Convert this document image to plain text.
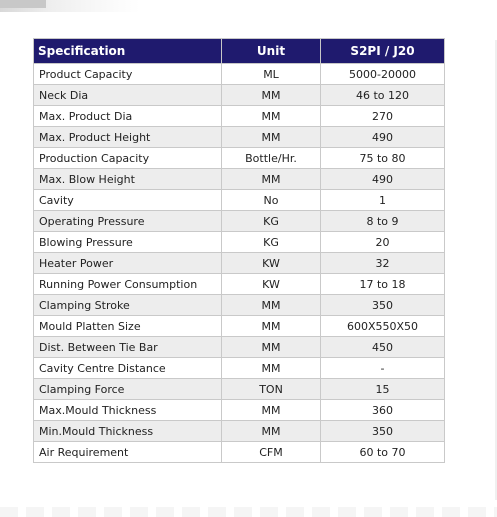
Specification	Unit	S2PI / J20
Product Capacity	ML	5000-20000
Neck Dia	MM	46 to 120
Max. Product Dia	MM	270
Max. Product Height	MM	490
Production Capacity	Bottle/Hr.	75 to 80
Max. Blow Height	MM	490
Cavity	No	1
Operating Pressure	KG	8 to 9
Blowing Pressure	KG	20
Heater Power	KW	32
Running Power Consumption	KW	17 to 18
Clamping Stroke	MM	350
Mould Platten Size	MM	600X550X50
Dist. Between Tie Bar	MM	450
Cavity Centre Distance	MM	-
Clamping Force	TON	15
Max.Mould Thickness	MM	360
Min.Mould Thickness	MM	350
Air Requirement	CFM	60 to 70
